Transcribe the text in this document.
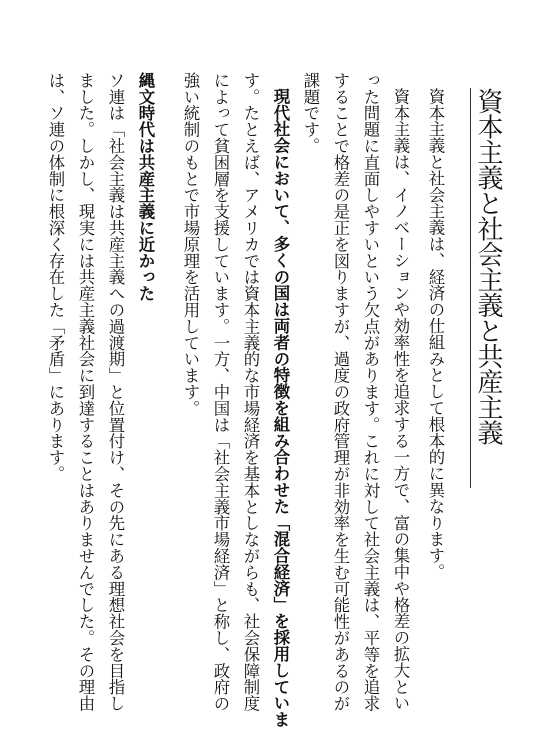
資本主義と社会主義と共産主義
資本主義と社会主義は、経済の仕組みとして根本的に異なります。
資本主義は、イノベーションや効率性を追求する一方で、富の集中や格差の拡大とい
った問題に直面しやすいという欠点があります。これに対して社会主義は、平等を追求
することで格差の是正を図りますが、過度の政府管理が非効率を生む可能性があるのが
課題です。
現代社会において、多くの国は両者の特徴を組み合わせた「混合経済」を採用していま
す。たとえば、アメリカでは資本主義的な市場経済を基本としながらも、社会保障制度
によって貧困層を支援しています。一方、中国は「社会主義市場経済」と称し、政府の
強い統制のもとで市場原理を活用しています。
縄文時代は共産主義に近かった
ソ連は「社会主義は共産主義への過渡期」と位置付け、その先にある理想社会を目指し
ました。しかし、現実には共産主義社会に到達することはありませんでした。その理由
は、ソ連の体制に根深く存在した「矛盾」にあります。
